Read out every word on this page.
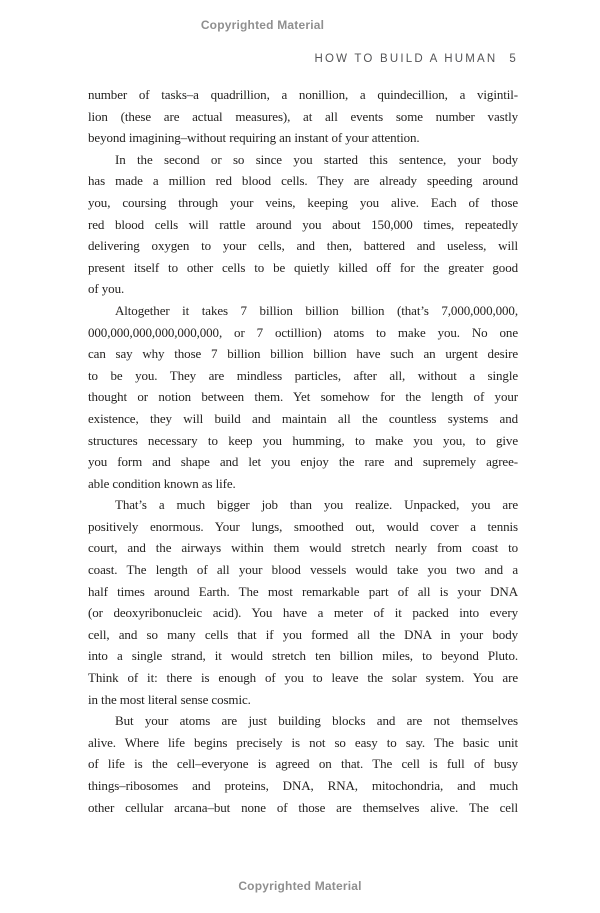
Copyrighted Material
HOW TO BUILD A HUMAN 5
number of tasks–a quadrillion, a nonillion, a quindecillion, a vigintil-
lion (these are actual measures), at all events some number vastly
beyond imagining–without requiring an instant of your attention.
In the second or so since you started this sentence, your body
has made a million red blood cells. They are already speeding around
you, coursing through your veins, keeping you alive. Each of those
red blood cells will rattle around you about 150,000 times, repeatedly
delivering oxygen to your cells, and then, battered and useless, will
present itself to other cells to be quietly killed off for the greater good
of you.
Altogether it takes 7 billion billion billion (that’s 7,000,000,000,
000,000,000,000,000,000, or 7 octillion) atoms to make you. No one
can say why those 7 billion billion billion have such an urgent desire
to be you. They are mindless particles, after all, without a single
thought or notion between them. Yet somehow for the length of your
existence, they will build and maintain all the countless systems and
structures necessary to keep you humming, to make you you, to give
you form and shape and let you enjoy the rare and supremely agree-
able condition known as life.
That’s a much bigger job than you realize. Unpacked, you are
positively enormous. Your lungs, smoothed out, would cover a tennis
court, and the airways within them would stretch nearly from coast to
coast. The length of all your blood vessels would take you two and a
half times around Earth. The most remarkable part of all is your DNA
(or deoxyribonucleic acid). You have a meter of it packed into every
cell, and so many cells that if you formed all the DNA in your body
into a single strand, it would stretch ten billion miles, to beyond Pluto.
Think of it: there is enough of you to leave the solar system. You are
in the most literal sense cosmic.
But your atoms are just building blocks and are not themselves
alive. Where life begins precisely is not so easy to say. The basic unit
of life is the cell–everyone is agreed on that. The cell is full of busy
things–ribosomes and proteins, DNA, RNA, mitochondria, and much
other cellular arcana–but none of those are themselves alive. The cell
Copyrighted Material
